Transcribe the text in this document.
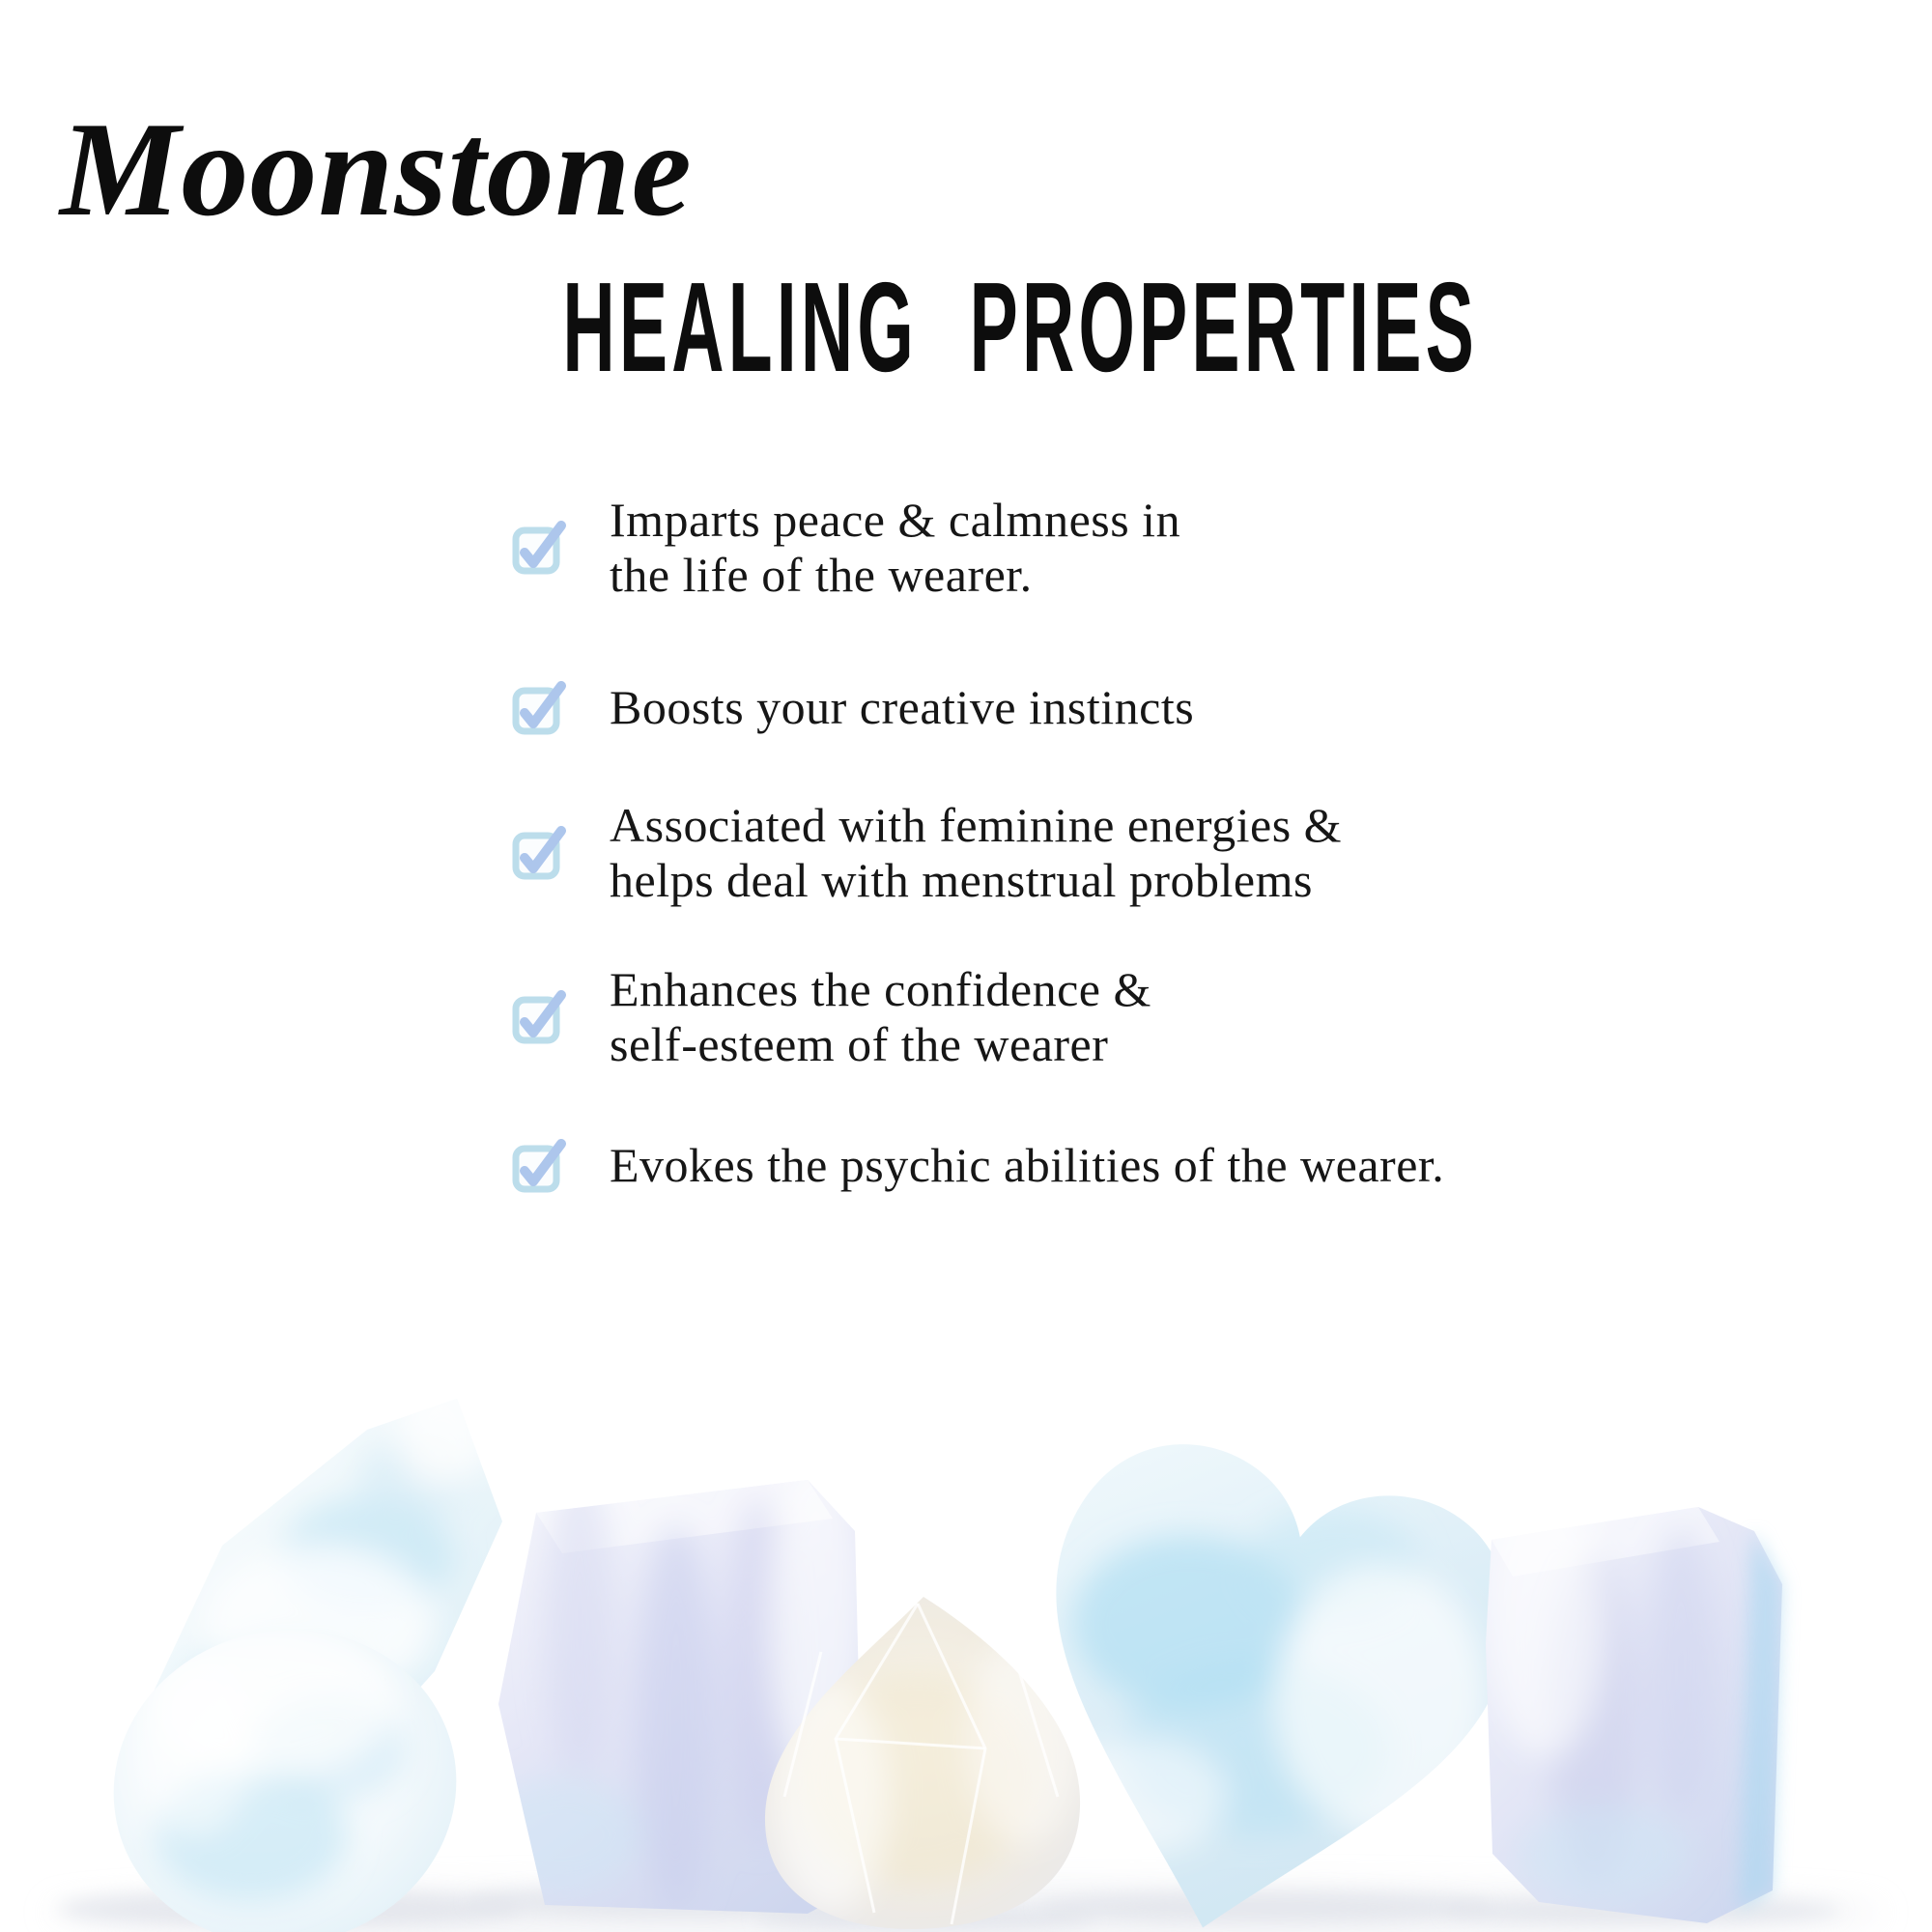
Moonstone
HEALING PROPERTIES
Imparts peace & calmness in
the life of the wearer.
Boosts your creative instincts
Associated with feminine energies &
helps deal with menstrual problems
Enhances the confidence &
self-esteem of the wearer
Evokes the psychic abilities of the wearer.
